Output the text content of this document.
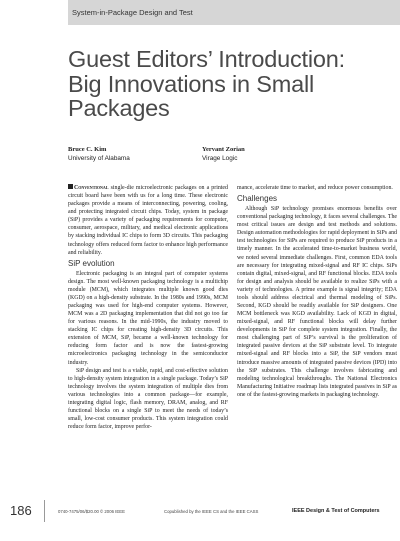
System-in-Package Design and Test
Guest Editors’ Introduction:
Big Innovations in Small
Packages
Bruce C. Kim
University of Alabama
Yervant Zorian
Virage Logic

Conventional single-die microelectronic packages on a printed circuit board have been with us for a long time. These electronic packages provide a means of interconnecting, powering, cooling, and protecting integrated circuit chips. Today, system in package (SiP) provides a variety of packaging requirements for computer, consumer, aerospace, military, and medical electronic applications by stacking individual IC chips to form 3D circuits. This packaging technology offers reduced form factor to enhance high performance and reliability.

SiP evolution

Electronic packaging is an integral part of computer systems design. The most well-known packaging technology is a multichip module (MCM), which integrates multiple known good dies (KGD) on a high-density substrate. In the 1980s and 1990s, MCM packaging was used for high-end computer systems. However, MCM was a 2D packaging implementation that did not go too far for various reasons. In the mid-1990s, the industry moved to stacking IC chips for creating high-density 3D circuits. This extension of MCM, SiP, became a well-known technology for reducing form factor and is now the fastest-growing microelectronics packaging technology in the semiconductor industry.

SiP design and test is a viable, rapid, and cost-effective solution to high-density system integration in a single package. Today’s SiP technology involves the system integration of multiple dies from various technologies into a common package—for example, integrating digital logic, flash memory, DRAM, analog, and RF functional blocks on a single SiP to meet the needs of today’s small, low-cost consumer products. This system integration could reduce form factor, improve perfor-

mance, accelerate time to market, and reduce power consumption.

Challenges

Although SiP technology promises enormous benefits over conventional packaging technology, it faces several challenges. The most critical issues are design and test methods and solutions. Design automation methodologies for rapid deployment in SiPs and test technologies for SiPs are required to produce SiP products in a timely manner. In the accelerated time-to-market business world, we noted several immediate challenges. First, common EDA tools are necessary for integrating mixed-signal and RF IC chips. SiPs contain digital, mixed-signal, and RF functional blocks. EDA tools for design and analysis should be available to realize SiPs with a variety of technologies. A prime example is signal integrity; EDA tools should address electrical and thermal modeling of SiPs. Second, KGD should be readily available for SiP designers. One MCM bottleneck was KGD availability. Lack of KGD in digital, mixed-signal, and RF functional blocks will delay further developments in SiP for complete system integration. Finally, the most challenging part of SiP’s survival is the proliferation of integrated passive devices at the SiP substrate level. To integrate mixed-signal and RF blocks into a SiP, the SiP vendors must introduce massive amounts of integrated passive devices (IPD) into the SiP substrates. This challenge involves fabricating and modeling technological breakthroughs. The National Electronics Manufacturing Initiative roadmap lists integrated passives in SiP as one of the fastest-growing markets in packaging technology.

186	0740-7475/06/$20.00 © 2006 IEEE	Copublished by the IEEE CS and the IEEE CASS	IEEE Design & Test of Computers
